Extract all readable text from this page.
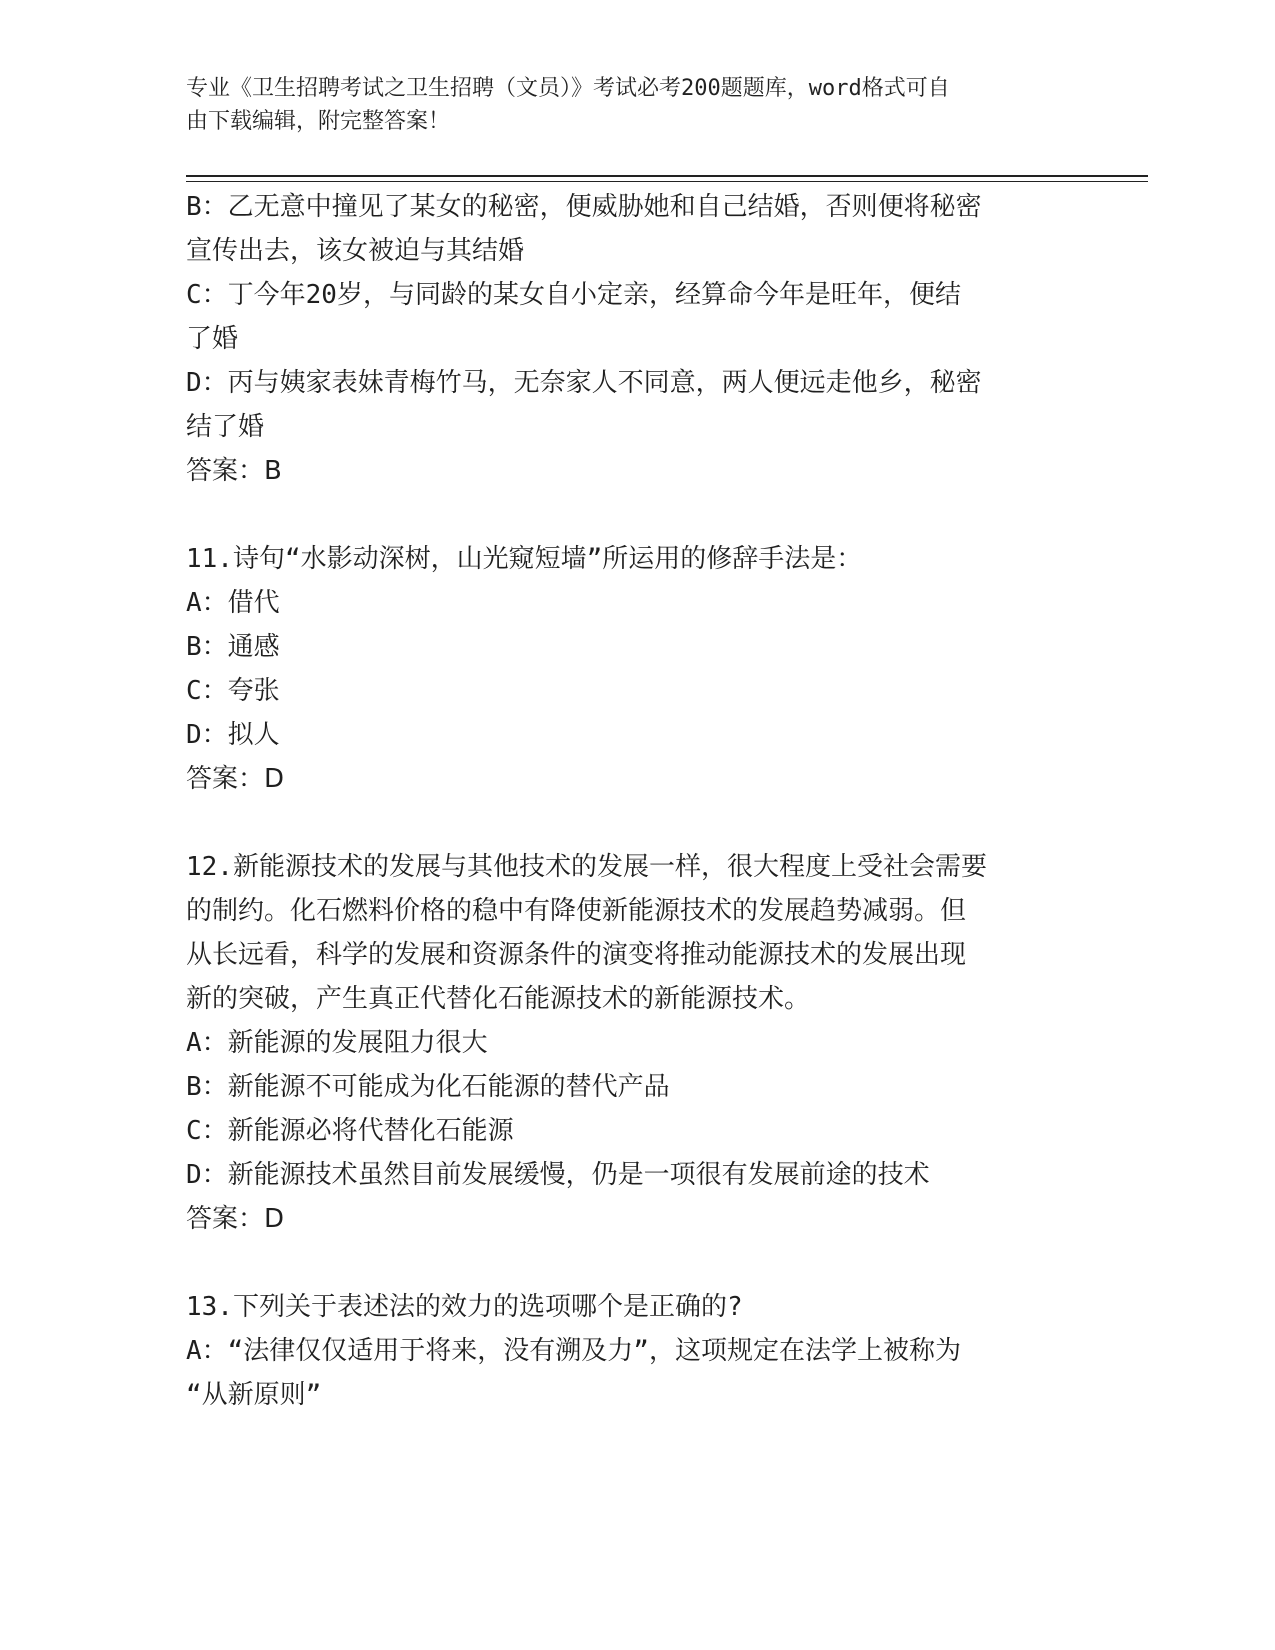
专业《卫生招聘考试之卫生招聘（文员）》考试必考200题题库，word格式可自
由下载编辑，附完整答案！
B：乙无意中撞见了某女的秘密，便威胁她和自己结婚，否则便将秘密
宣传出去，该女被迫与其结婚
C：丁今年20岁，与同龄的某女自小定亲，经算命今年是旺年，便结
了婚
D：丙与姨家表妹青梅竹马，无奈家人不同意，两人便远走他乡，秘密
结了婚
答案：B
11.诗句“水影动深树，山光窥短墙”所运用的修辞手法是：
A：借代
B：通感
C：夸张
D：拟人
答案：D
12.新能源技术的发展与其他技术的发展一样，很大程度上受社会需要
的制约。化石燃料价格的稳中有降使新能源技术的发展趋势减弱。但
从长远看，科学的发展和资源条件的演变将推动能源技术的发展出现
新的突破，产生真正代替化石能源技术的新能源技术。
A：新能源的发展阻力很大
B：新能源不可能成为化石能源的替代产品
C：新能源必将代替化石能源
D：新能源技术虽然目前发展缓慢，仍是一项很有发展前途的技术
答案：D
13.下列关于表述法的效力的选项哪个是正确的?
A：“法律仅仅适用于将来，没有溯及力”，这项规定在法学上被称为
“从新原则”
